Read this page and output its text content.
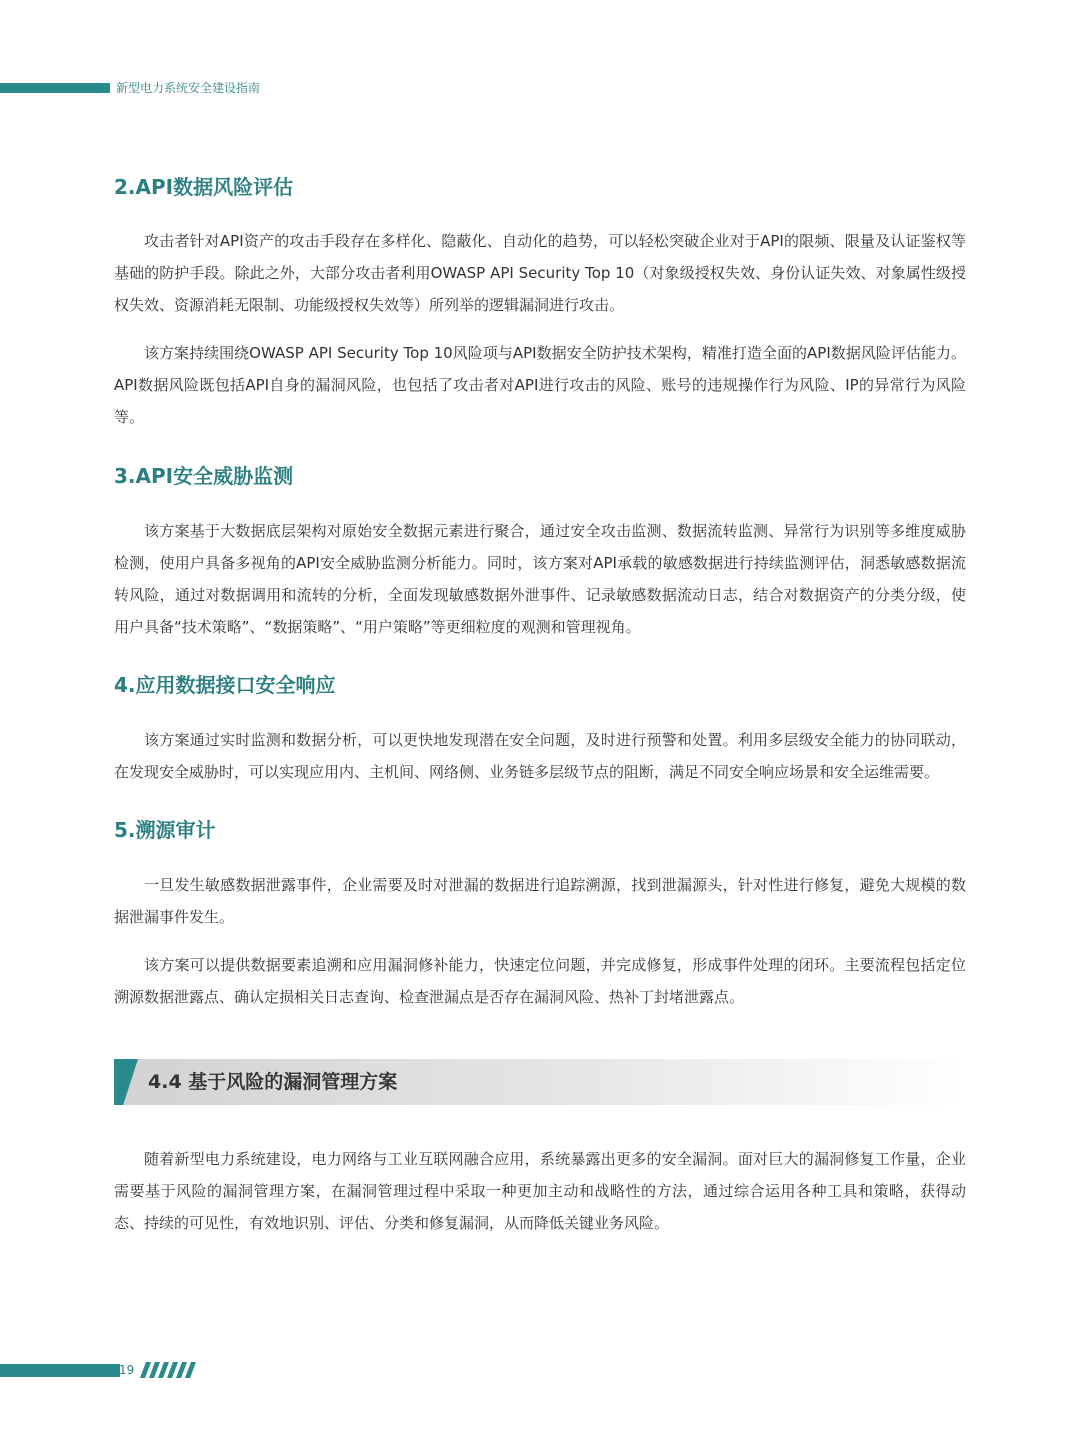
新型电力系统安全建设指南
2.API数据风险评估

攻击者针对API资产的攻击手段存在多样化、隐蔽化、自动化的趋势，可以轻松突破企业对于API的限频、限量及认证鉴权等基础的防护手段。除此之外，大部分攻击者利用OWASP API Security Top 10（对象级授权失效、身份认证失效、对象属性级授权失效、资源消耗无限制、功能级授权失效等）所列举的逻辑漏洞进行攻击。

该方案持续围绕OWASP API Security Top 10风险项与API数据安全防护技术架构，精准打造全面的API数据风险评估能力。API数据风险既包括API自身的漏洞风险，也包括了攻击者对API进行攻击的风险、账号的违规操作行为风险、IP的异常行为风险等。

3.API安全威胁监测

该方案基于大数据底层架构对原始安全数据元素进行聚合，通过安全攻击监测、数据流转监测、异常行为识别等多维度威胁检测，使用户具备多视角的API安全威胁监测分析能力。同时，该方案对API承载的敏感数据进行持续监测评估，洞悉敏感数据流转风险，通过对数据调用和流转的分析，全面发现敏感数据外泄事件、记录敏感数据流动日志，结合对数据资产的分类分级，使用户具备“技术策略”、“数据策略”、“用户策略”等更细粒度的观测和管理视角。

4.应用数据接口安全响应

该方案通过实时监测和数据分析，可以更快地发现潜在安全问题，及时进行预警和处置。利用多层级安全能力的协同联动，在发现安全威胁时，可以实现应用内、主机间、网络侧、业务链多层级节点的阻断，满足不同安全响应场景和安全运维需要。

5.溯源审计

一旦发生敏感数据泄露事件，企业需要及时对泄漏的数据进行追踪溯源，找到泄漏源头，针对性进行修复，避免大规模的数据泄漏事件发生。

该方案可以提供数据要素追溯和应用漏洞修补能力，快速定位问题，并完成修复，形成事件处理的闭环。主要流程包括定位溯源数据泄露点、确认定损相关日志查询、检查泄漏点是否存在漏洞风险、热补丁封堵泄露点。

4.4 基于风险的漏洞管理方案

随着新型电力系统建设，电力网络与工业互联网融合应用，系统暴露出更多的安全漏洞。面对巨大的漏洞修复工作量，企业需要基于风险的漏洞管理方案，在漏洞管理过程中采取一种更加主动和战略性的方法，通过综合运用各种工具和策略，获得动态、持续的可见性，有效地识别、评估、分类和修复漏洞，从而降低关键业务风险。

19
